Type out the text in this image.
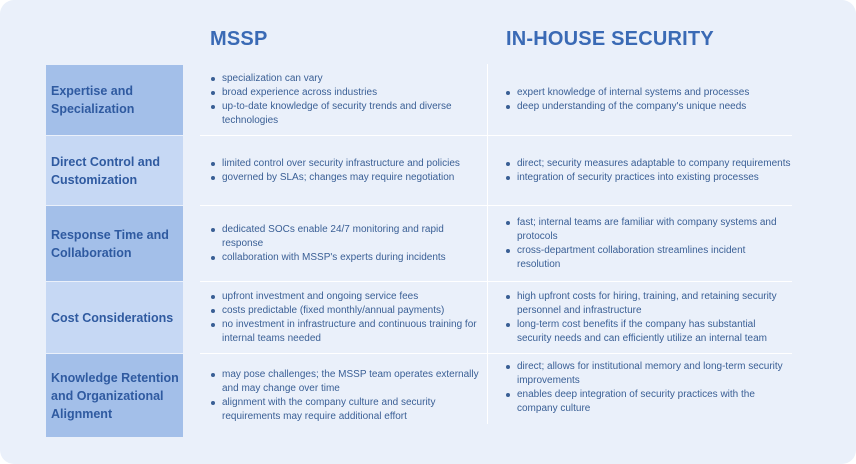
MSSP	IN-HOUSE SECURITY
Expertise and Specialization
specialization can vary
broad experience across industries
up-to-date knowledge of security trends and diverse technologies
expert knowledge of internal systems and processes
deep understanding of the company's unique needs
Direct Control and Customization
limited control over security infrastructure and policies
governed by SLAs; changes may require negotiation
direct; security measures adaptable to company requirements
integration of security practices into existing processes
Response Time and Collaboration
dedicated SOCs enable 24/7 monitoring and rapid response
collaboration with MSSP's experts during incidents
fast; internal teams are familiar with company systems and protocols
cross-department collaboration streamlines incident resolution
Cost Considerations
upfront investment and ongoing service fees
costs predictable (fixed monthly/annual payments)
no investment in infrastructure and continuous training for internal teams needed
high upfront costs for hiring, training, and retaining security personnel and infrastructure
long-term cost benefits if the company has substantial security needs and can efficiently utilize an internal team
Knowledge Retention and Organizational Alignment
may pose challenges; the MSSP team operates externally and may change over time
alignment with the company culture and security requirements may require additional effort
direct; allows for institutional memory and long-term security improvements
enables deep integration of security practices with the company culture
